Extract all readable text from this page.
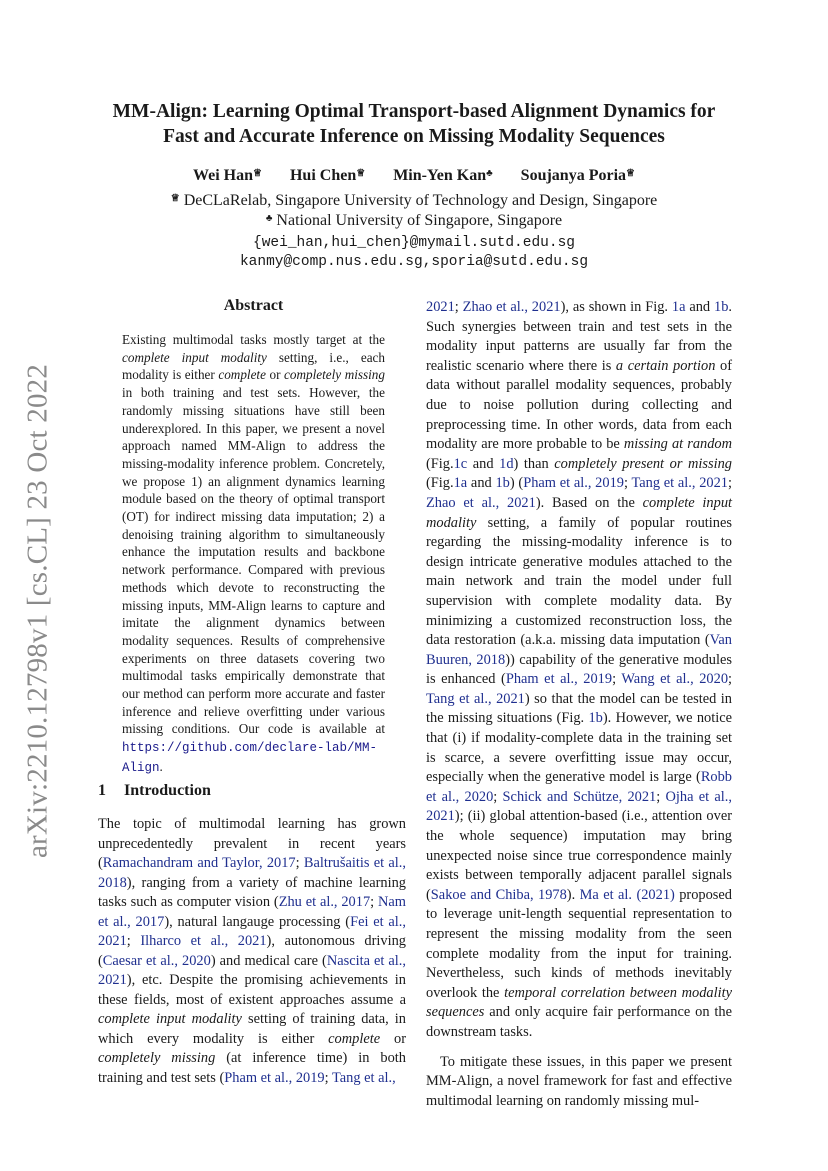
arXiv:2210.12798v1 [cs.CL] 23 Oct 2022
MM-Align: Learning Optimal Transport-based Alignment Dynamics for
Fast and Accurate Inference on Missing Modality Sequences
Wei Han♕ Hui Chen♕ Min-Yen Kan♣ Soujanya Poria♕
♕ DeCLaRelab, Singapore University of Technology and Design, Singapore
♣ National University of Singapore, Singapore
{wei_han,hui_chen}@mymail.sutd.edu.sg
kanmy@comp.nus.edu.sg,sporia@sutd.edu.sg
Abstract
Existing multimodal tasks mostly target at the complete input modality setting, i.e., each modality is either complete or completely missing in both training and test sets. However, the randomly missing situations have still been underexplored. In this paper, we present a novel approach named MM-Align to address the missing-modality inference problem. Concretely, we propose 1) an alignment dynamics learning module based on the theory of optimal transport (OT) for indirect missing data imputation; 2) a denoising training algorithm to simultaneously enhance the imputation results and backbone network performance. Compared with previous methods which devote to reconstructing the missing inputs, MM-Align learns to capture and imitate the alignment dynamics between modality sequences. Results of comprehensive experiments on three datasets covering two multimodal tasks empirically demonstrate that our method can perform more accurate and faster inference and relieve overfitting under various missing conditions. Our code is available at https://github.com/declare-lab/MM-Align.
1 Introduction
The topic of multimodal learning has grown unprecedentedly prevalent in recent years (Ramachandram and Taylor, 2017; Baltrušaitis et al., 2018), ranging from a variety of machine learning tasks such as computer vision (Zhu et al., 2017; Nam et al., 2017), natural langauge processing (Fei et al., 2021; Ilharco et al., 2021), autonomous driving (Caesar et al., 2020) and medical care (Nascita et al., 2021), etc. Despite the promising achievements in these fields, most of existent approaches assume a complete input modality setting of training data, in which every modality is either complete or completely missing (at inference time) in both training and test sets (Pham et al., 2019; Tang et al.,

2021; Zhao et al., 2021), as shown in Fig. 1a and 1b. Such synergies between train and test sets in the modality input patterns are usually far from the realistic scenario where there is a certain portion of data without parallel modality sequences, probably due to noise pollution during collecting and preprocessing time. In other words, data from each modality are more probable to be missing at random (Fig.1c and 1d) than completely present or missing (Fig.1a and 1b) (Pham et al., 2019; Tang et al., 2021; Zhao et al., 2021). Based on the complete input modality setting, a family of popular routines regarding the missing-modality inference is to design intricate generative modules attached to the main network and train the model under full supervision with complete modality data. By minimizing a customized reconstruction loss, the data restoration (a.k.a. missing data imputation (Van Buuren, 2018)) capability of the generative modules is enhanced (Pham et al., 2019; Wang et al., 2020; Tang et al., 2021) so that the model can be tested in the missing situations (Fig. 1b). However, we notice that (i) if modality-complete data in the training set is scarce, a severe overfitting issue may occur, especially when the generative model is large (Robb et al., 2020; Schick and Schütze, 2021; Ojha et al., 2021); (ii) global attention-based (i.e., attention over the whole sequence) imputation may bring unexpected noise since true correspondence mainly exists between temporally adjacent parallel signals (Sakoe and Chiba, 1978). Ma et al. (2021) proposed to leverage unit-length sequential representation to represent the missing modality from the seen complete modality from the input for training. Nevertheless, such kinds of methods inevitably overlook the temporal correlation between modality sequences and only acquire fair performance on the downstream tasks.

To mitigate these issues, in this paper we present MM-Align, a novel framework for fast and effective multimodal learning on randomly missing mul-
